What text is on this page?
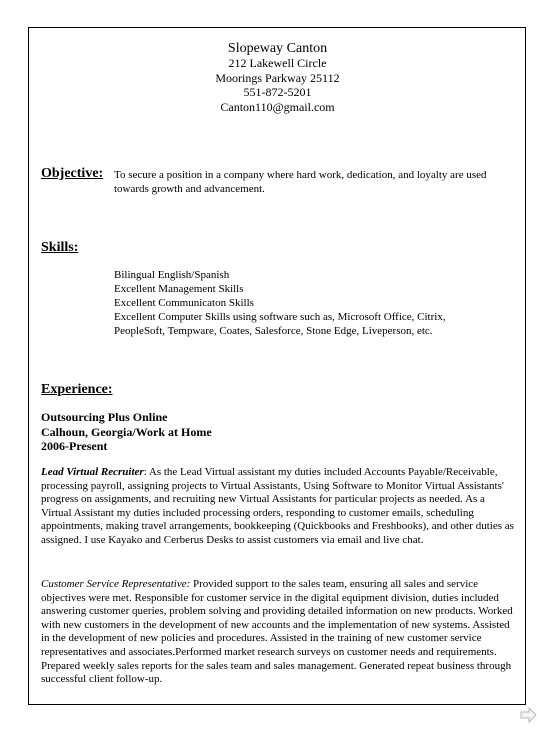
Slopeway Canton
212 Lakewell Circle
Moorings Parkway 25112
551-872-5201
Canton110@gmail.com
Objective: To secure a position in a company where hard work, dedication, and loyalty are used towards growth and advancement.
Skills:
Bilingual English/Spanish
Excellent Management Skills
Excellent Communicaton Skills
Excellent Computer Skills using software such as, Microsoft Office, Citrix,
PeopleSoft, Tempware, Coates, Salesforce, Stone Edge, Liveperson, etc.
Experience:
Outsourcing Plus Online
Calhoun, Georgia/Work at Home
2006-Present
Lead Virtual Recruiter: As the Lead Virtual assistant my duties included Accounts Payable/Receivable, processing payroll, assigning projects to Virtual Assistants, Using Software to Monitor Virtual Assistants' progress on assignments, and recruiting new Virtual Assistants for particular projects as needed. As a Virtual Assistant my duties included processing orders, responding to customer emails, scheduling appointments, making travel arrangements, bookkeeping (Quickbooks and Freshbooks), and other duties as assigned. I use Kayako and Cerberus Desks to assist customers via email and live chat.
Customer Service Representative: Provided support to the sales team, ensuring all sales and service objectives were met. Responsible for customer service in the digital equipment division, duties included answering customer queries, problem solving and providing detailed information on new products. Worked with new customers in the development of new accounts and the implementation of new systems. Assisted in the development of new policies and procedures. Assisted in the training of new customer service representatives and associates.Performed market research surveys on customer needs and requirements. Prepared weekly sales reports for the sales team and sales management. Generated repeat business through successful client follow-up.
